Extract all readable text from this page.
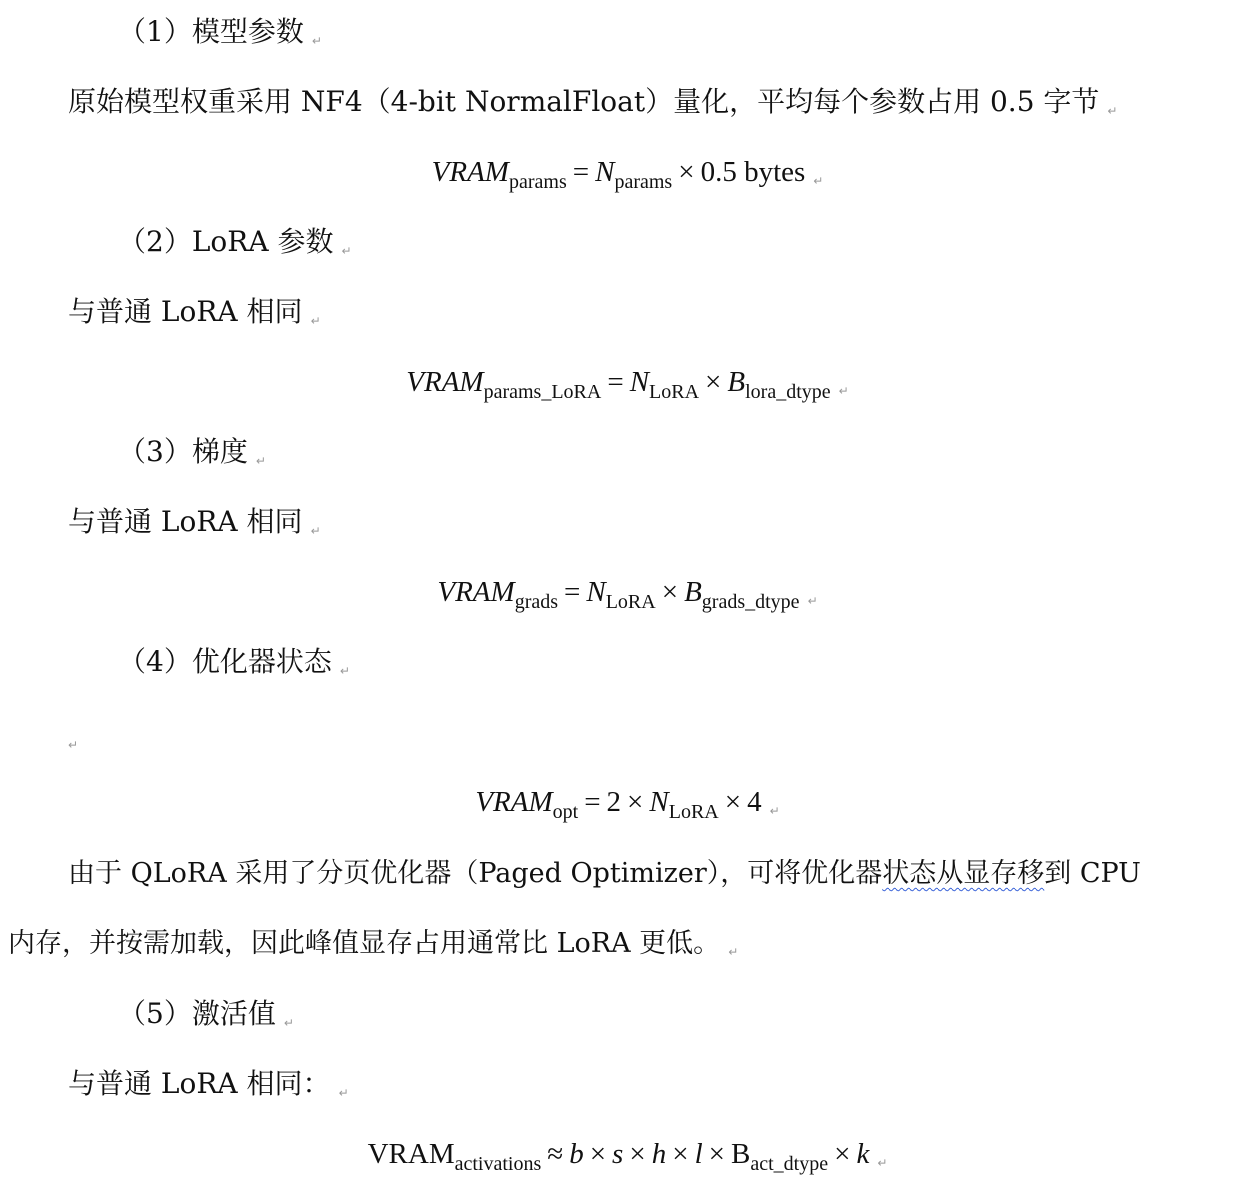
（1）模型参数 ↵
原始模型权重采用 NF4（4-bit NormalFloat）量化，平均每个参数占用 0.5 字节 ↵
$VRAM_{params} = N_{params} \times 0.5$ bytes ↵
（2）LoRA 参数 ↵
与普通 LoRA 相同 ↵
$VRAM_{params\_LoRA} = N_{LoRA} \times B_{lora\_dtype}$ ↵
（3）梯度 ↵
与普通 LoRA 相同 ↵
$VRAM_{grads} = N_{LoRA} \times B_{grads\_dtype}$ ↵
（4）优化器状态 ↵
↵
$VRAM_{opt} = 2 \times N_{LoRA} \times 4$ ↵
由于 QLoRA 采用了分页优化器（Paged Optimizer），可将优化器状态从显存移到 CPU
内存，并按需加载，因此峰值显存占用通常比 LoRA 更低。 ↵
（5）激活值 ↵
与普通 LoRA 相同： ↵
$VRAM_{activations} \approx b \times s \times h \times l \times B_{act\_dtype} \times k$ ↵
